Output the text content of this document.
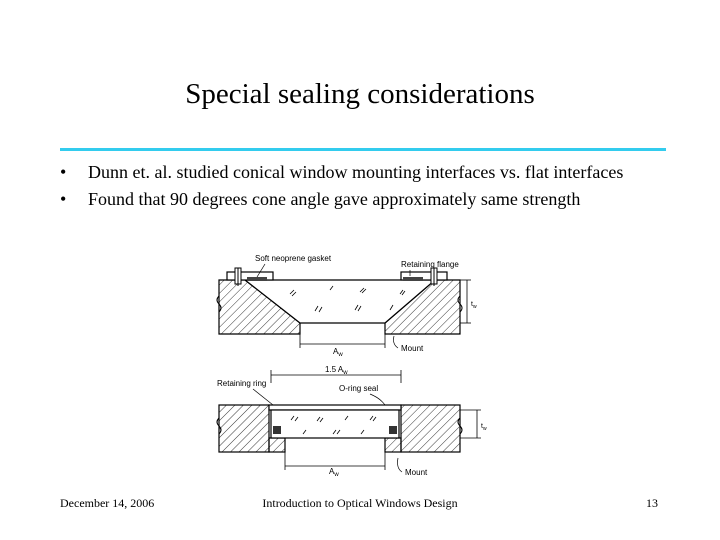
Special sealing considerations
• Dunn et. al. studied conical window mounting interfaces vs. flat interfaces
• Found that 90 degrees cone angle gave approximately same strength
$t_w$
$A_w$
Soft neoprene gasket
Retaining flange
Mount
1.5 $A_w$
Retaining ring
O-ring seal
$t_w$
$A_w$	Mount
December 14, 2006	Introduction to Optical Windows Design	13
